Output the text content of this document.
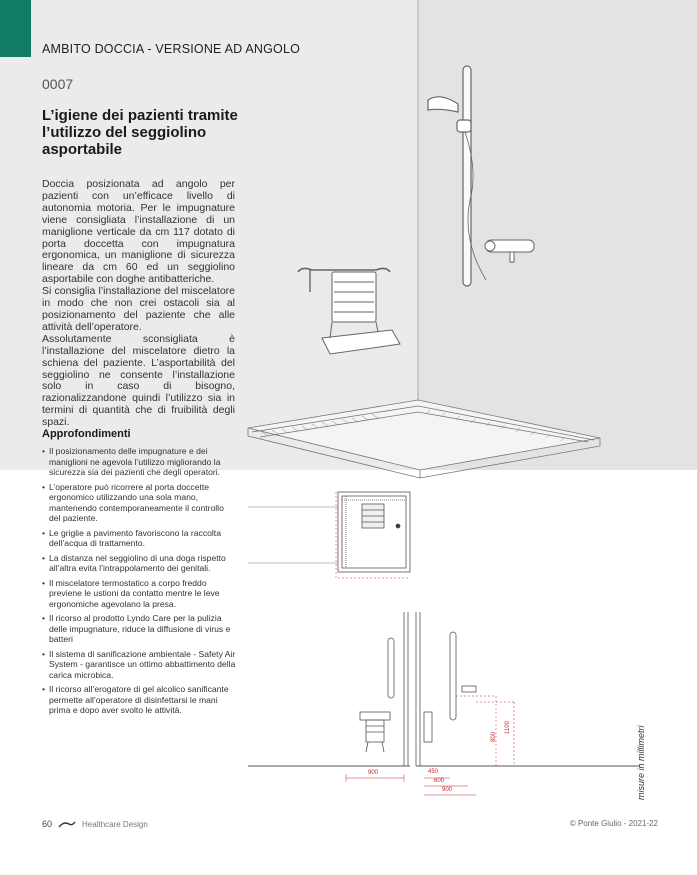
AMBITO DOCCIA - VERSIONE AD ANGOLO
0007
L’igiene dei pazienti tramite l’utilizzo del seggiolino asportabile

Doccia posizionata ad angolo per pazienti con un’efficace livello di autonomia motoria. Per le impugnature viene consigliata l’installazione di un maniglione verticale da cm 117 dotato di porta doccetta con impugnatura ergonomica, un maniglione di sicurezza lineare da cm 60 ed un seggiolino asportabile con doghe antibatteriche.

Si consiglia l’installazione del miscelatore in modo che non crei ostacoli sia al posizionamento del paziente che alle attività dell’operatore.

Assolutamente sconsigliata è l’installazione del miscelatore dietro la schiena del paziente. L’asportabilità del seggiolino ne consente l’installazione solo in caso di bisogno, razionalizzandone quindi l’utilizzo sia in termini di quantità che di fruibilità degli spazi.

Approfondimenti
• Il posizionamento delle impugnature e dei maniglioni ne agevola l’utilizzo migliorando la sicurezza sia dei pazienti che degli operatori.
• L’operatore può ricorrere al porta doccette ergonomico utilizzando una sola mano, mantenendo contemporaneamente il controllo del paziente.
• Le griglie a pavimento favoriscono la raccolta dell’acqua di trattamento.
• La distanza nel seggiolino di una doga rispetto all’altra evita l’intrappolamento dei genitali.
• Il miscelatore termostatico a corpo freddo previene le ustioni da contatto mentre le leve ergonomiche agevolano la presa.
• Il ricorso al prodotto Lyndo Care per la pulizia delle impugnature, riduce la diffusione di virus e batteri
• Il sistema di sanificazione ambientale - Safety Air System - garantisce un ottimo abbattimento della carica microbica.
• Il ricorso all’erogatore di gel alcolico sanificante permette all’operatore di disinfettarsi le mani prima e dopo aver svolto le attività.
900	450
600
900
800
1100	misure in millimetri
60	Healthcare Design	© Ponte Giulio - 2021-22
